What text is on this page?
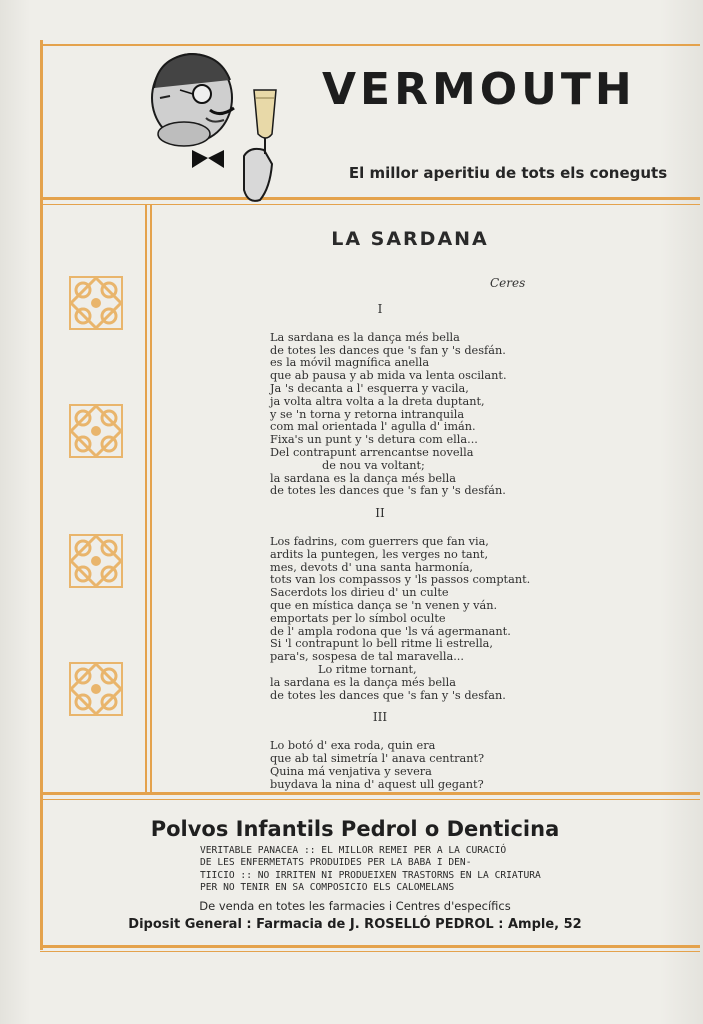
VERMOUTH
El millor aperitiu de tots els coneguts
LA SARDANA
Ceres
I
La sardana es la dança més bella
de totes les dances que 's fan y 's desfán.
es la móvil magnífica anella
que ab pausa y ab mida va lenta oscilant.
Ja 's decanta a l' esquerra y vacila,
ja volta altra volta a la dreta duptant,
y se 'n torna y retorna intranquila
com mal orientada l' agulla d' imán.
Fixa's un punt y 's detura com ella...
Del contrapunt arrencantse novella
de nou va voltant;
la sardana es la dança més bella
de totes les dances que 's fan y 's desfán.
II
Los fadrins, com guerrers que fan via,
ardits la puntegen, les verges no tant,
mes, devots d' una santa harmonía,
tots van los compassos y 'ls passos comptant.
Sacerdots los dirieu d' un culte
que en mística dança se 'n venen y ván.
emportats per lo símbol oculte
de l' ampla rodona que 'ls vá agermanant.
Si 'l contrapunt lo bell ritme li estrella,
para's, sospesa de tal maravella...
Lo ritme tornant,
la sardana es la dança més bella
de totes les dances que 's fan y 's desfan.
III
Lo botó d' exa roda, quin era
que ab tal simetría l' anava centrant?
Quina má venjativa y severa
buydava la nina d' aquest ull gegant?
Polvos Infantils Pedrol o Denticina
VERITABLE PANACEA :: EL MILLOR REMEI PER A LA CURACIÓ
DE LES ENFERMETATS PRODUIDES PER LA BABA I DEN-
TIICIO :: NO IRRITEN NI PRODUEIXEN TRASTORNS EN LA CRIATURA
PER NO TENIR EN SA COMPOSICIO ELS CALOMELANS
De venda en totes les farmacies i Centres d'específics
Diposit General : Farmacia de J. ROSELLÓ PEDROL : Ample, 52
